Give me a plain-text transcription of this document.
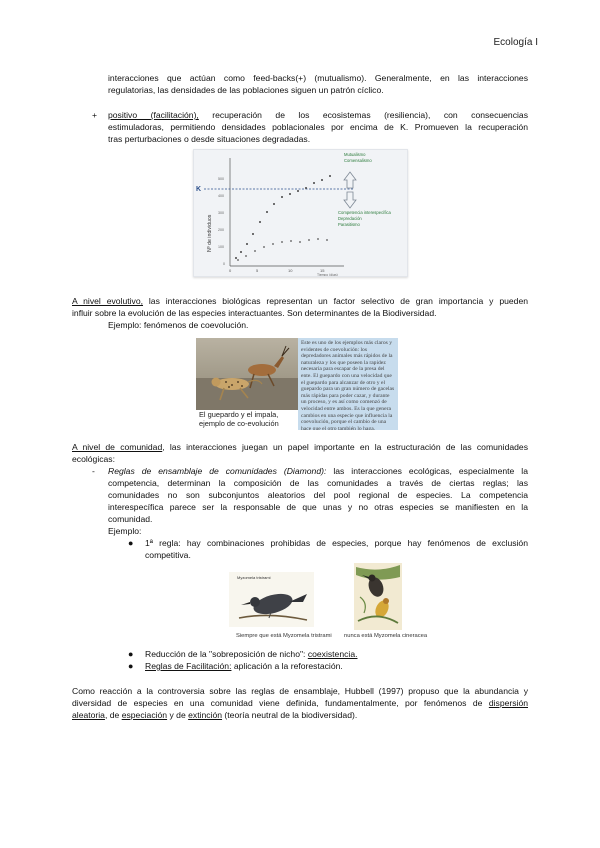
Ecología I

interacciones que actúan como feed-backs(+) (mutualismo). Generalmente, en las interacciones

regulatorias, las densidades de las poblaciones siguen un patrón cíclico.

+ positivo (facilitación), recuperación de los ecosistemas (resiliencia), con consecuencias

estimuladoras, permitiendo densidades poblacionales por encima de K. Promueven la recuperación

tras perturbaciones o desde situaciones degradadas.

500
400
300
200
100
0
0	5	10	15
Tiempo (días)
Nº de individuos
K
Mutualismo
Comensalismo
Competencia interespecífica
Depredación
Parasitismo

A nivel evolutivo, las interacciones biológicas representan un factor selectivo de gran importancia y pueden

influir sobre la evolución de las especies interactuantes. Son determinantes de la Biodiversidad.

Ejemplo: fenómenos de coevolución.

Este es uno de los ejemplos más claros y evidentes de coevolución: los depredadores animales más rápidos de la naturaleza y los que poseen la rapidez necesaria para escapar de la presa del ente. El guepardo con una velocidad que el guepardo para alcanzar de otro y el guepardo para un gran número de gacelas más rápidas para poder cazar, y durante un proceso, y es así como comenzó de velocidad entre ambos. Es la que genera cambios en una especie que influencia la coevolución, porque el cambio de una hace que el otro también lo haga.

El guepardo y el impala, ejemplo de co-evolución

A nivel de comunidad, las interacciones juegan un papel importante en la estructuración de las comunidades

ecológicas:

- Reglas de ensamblaje de comunidades (Diamond): las interacciones ecológicas, especialmente la

competencia, determinan la composición de las comunidades a través de ciertas reglas; las

comunidades no son subconjuntos aleatorios del pool regional de especies. La competencia

interespecífica parece ser la responsable de que unas y no otras especies se manifiesten en la

comunidad.

Ejemplo:

● 1ª regla: hay combinaciones prohibidas de especies, porque hay fenómenos de exclusión

competitiva.

Myzomela tristrami
Siempre que está Myzomela tristrami nunca está Myzomela cineracea
● Reducción de la "sobreposición de nicho": coexistencia.
● Reglas de Facilitación: aplicación a la reforestación.

Como reacción a la controversia sobre las reglas de ensamblaje, Hubbell (1997) propuso que la abundancia y

diversidad de especies en una comunidad viene definida, fundamentalmente, por fenómenos de dispersión

aleatoria, de especiación y de extinción (teoría neutral de la biodiversidad).
